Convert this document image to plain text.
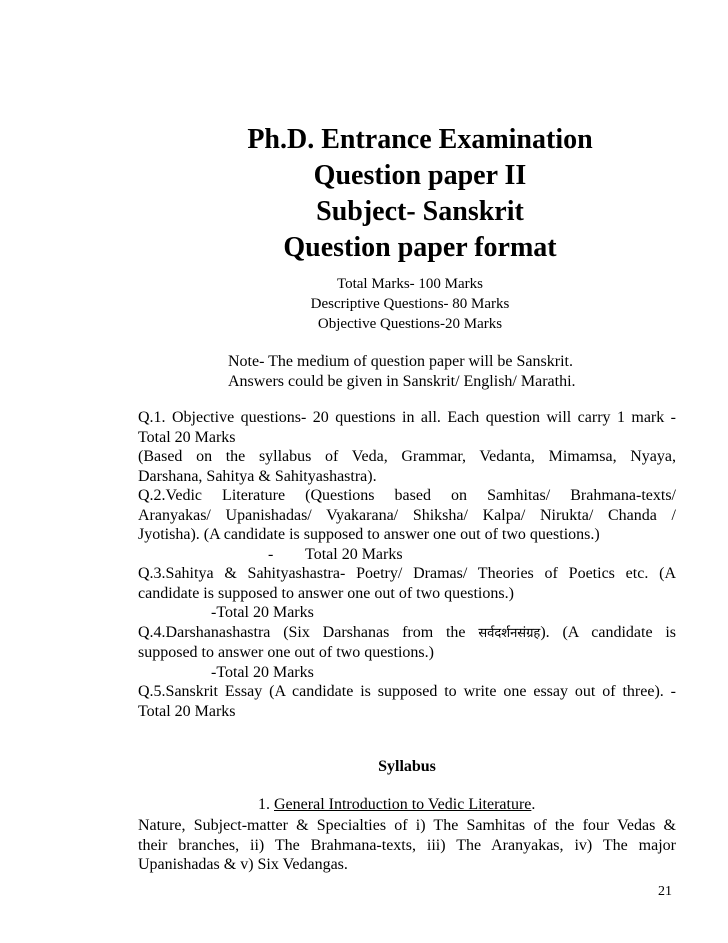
Ph.D. Entrance Examination
Question paper II
Subject- Sanskrit
Question paper format
Total Marks- 100 Marks
Descriptive Questions- 80 Marks
Objective Questions-20 Marks
Note- The medium of question paper will be Sanskrit.
Answers could be given in Sanskrit/ English/ Marathi.
Q.1. Objective questions- 20 questions in all. Each question will carry 1 mark -
Total 20 Marks
(Based on the syllabus of Veda, Grammar, Vedanta, Mimamsa, Nyaya,
Darshana, Sahitya & Sahityashastra).
Q.2.Vedic Literature (Questions based on Samhitas/ Brahmana-texts/
Aranyakas/ Upanishadas/ Vyakarana/ Shiksha/ Kalpa/ Nirukta/ Chanda /
Jyotisha). (A candidate is supposed to answer one out of two questions.)
-        Total 20 Marks
Q.3.Sahitya & Sahityashastra- Poetry/ Dramas/ Theories of Poetics etc. (A
candidate is supposed to answer one out of two questions.)
-Total 20 Marks
Q.4.Darshanashastra (Six Darshanas from the सर्वदर्शनसंग्रह). (A candidate is
supposed to answer one out of two questions.)
-Total 20 Marks
Q.5.Sanskrit Essay (A candidate is supposed to write one essay out of three). -
Total 20 Marks
Syllabus
1. General Introduction to Vedic Literature.
Nature, Subject-matter & Specialties of i) The Samhitas of the four Vedas &
their branches, ii) The Brahmana-texts, iii) The Aranyakas, iv) The major
Upanishadas & v) Six Vedangas.
21
